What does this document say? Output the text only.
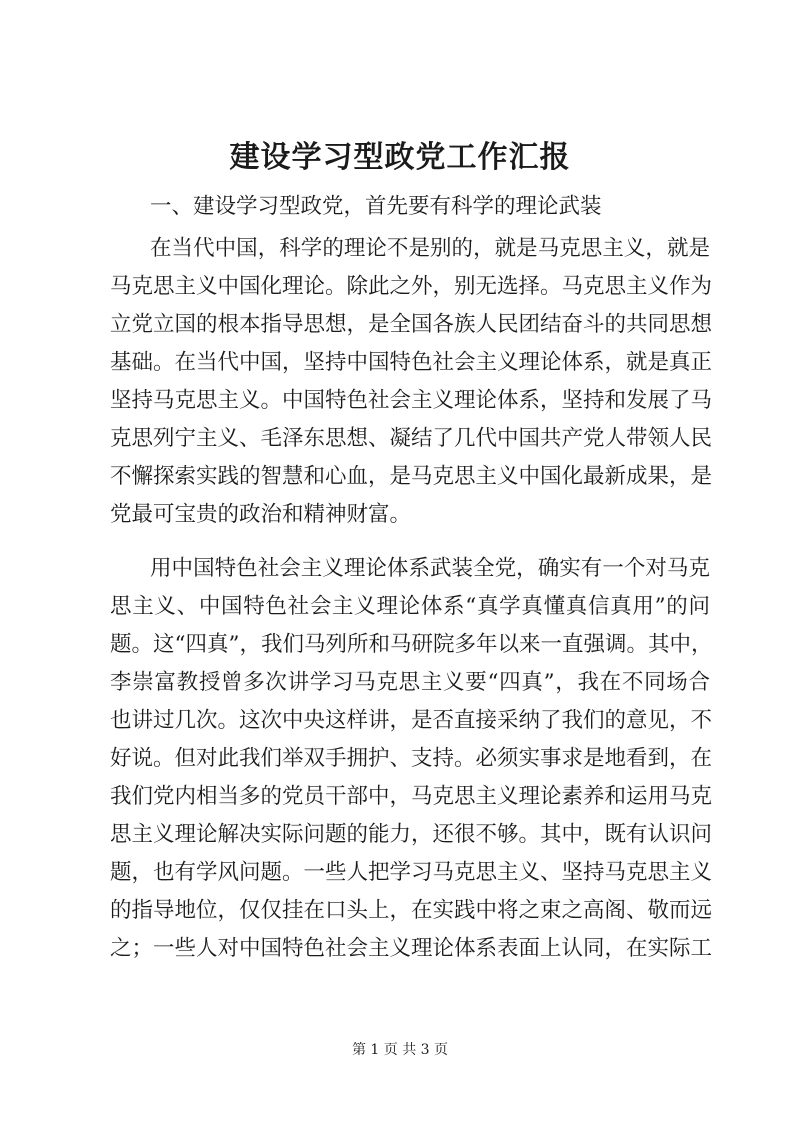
建设学习型政党工作汇报

一、建设学习型政党，首先要有科学的理论武装

在当代中国，科学的理论不是别的，就是马克思主义，就是

马克思主义中国化理论。除此之外，别无选择。马克思主义作为

立党立国的根本指导思想，是全国各族人民团结奋斗的共同思想

基础。在当代中国，坚持中国特色社会主义理论体系，就是真正

坚持马克思主义。中国特色社会主义理论体系，坚持和发展了马

克思列宁主义、毛泽东思想、凝结了几代中国共产党人带领人民

不懈探索实践的智慧和心血，是马克思主义中国化最新成果，是

党最可宝贵的政治和精神财富。

用中国特色社会主义理论体系武装全党，确实有一个对马克

思主义、中国特色社会主义理论体系“真学真懂真信真用”的问

题。这“四真”，我们马列所和马研院多年以来一直强调。其中，

李崇富教授曾多次讲学习马克思主义要“四真”，我在不同场合

也讲过几次。这次中央这样讲，是否直接采纳了我们的意见，不

好说。但对此我们举双手拥护、支持。必须实事求是地看到，在

我们党内相当多的党员干部中，马克思主义理论素养和运用马克

思主义理论解决实际问题的能力，还很不够。其中，既有认识问

题，也有学风问题。一些人把学习马克思主义、坚持马克思主义

的指导地位，仅仅挂在口头上，在实践中将之束之高阁、敬而远

之；一些人对中国特色社会主义理论体系表面上认同，在实际工

第 1 页 共 3 页
